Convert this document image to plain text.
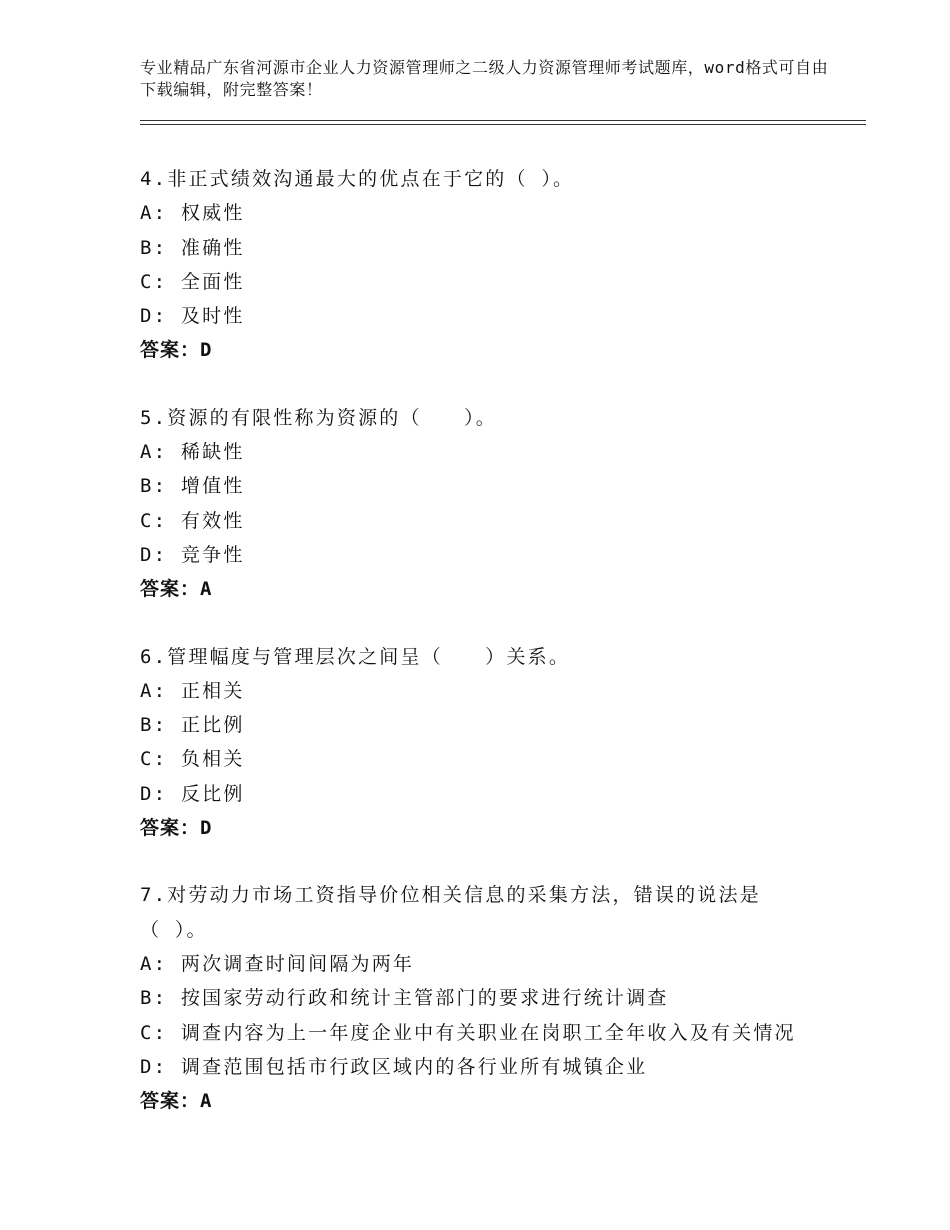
专业精品广东省河源市企业人力资源管理师之二级人力资源管理师考试题库，word格式可自由下载编辑，附完整答案！
4.非正式绩效沟通最大的优点在于它的（ ）。
A: 权威性
B: 准确性
C: 全面性
D: 及时性
答案：D
5.资源的有限性称为资源的（　　）。
A: 稀缺性
B: 增值性
C: 有效性
D: 竞争性
答案：A
6.管理幅度与管理层次之间呈（　　）关系。
A: 正相关
B: 正比例
C: 负相关
D: 反比例
答案：D
7.对劳动力市场工资指导价位相关信息的采集方法，错误的说法是
（ ）。
A: 两次调查时间间隔为两年
B: 按国家劳动行政和统计主管部门的要求进行统计调查
C: 调查内容为上一年度企业中有关职业在岗职工全年收入及有关情况
D: 调查范围包括市行政区域内的各行业所有城镇企业
答案：A
